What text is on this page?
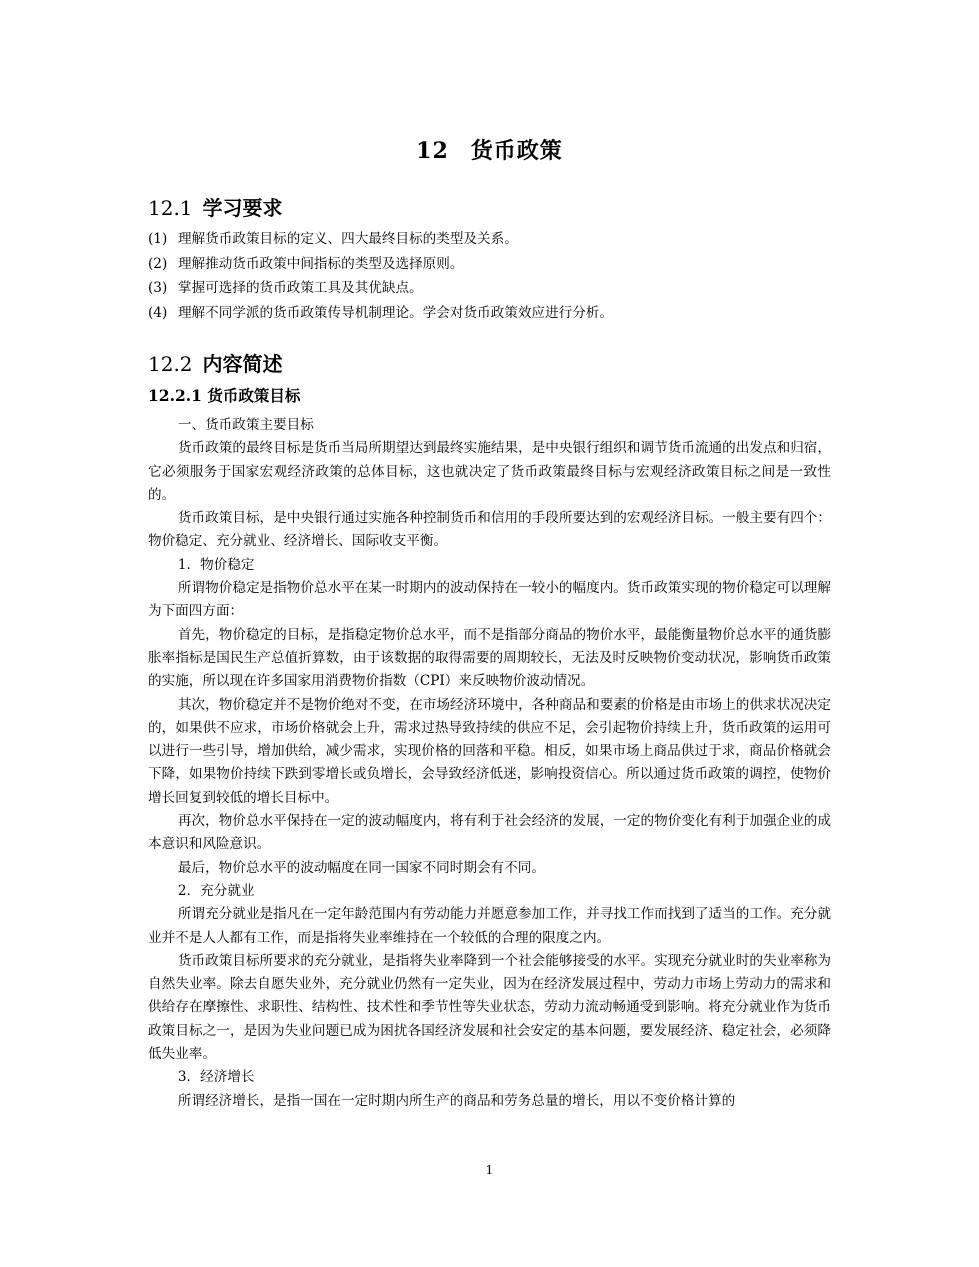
12 货币政策
12.1 学习要求
(1) 理解货币政策目标的定义、四大最终目标的类型及关系。
(2) 理解推动货币政策中间指标的类型及选择原则。
(3) 掌握可选择的货币政策工具及其优缺点。
(4) 理解不同学派的货币政策传导机制理论。学会对货币政策效应进行分析。
12.2 内容简述
12.2.1 货币政策目标

一、货币政策主要目标

货币政策的最终目标是货币当局所期望达到最终实施结果，是中央银行组织和调节货币流通的出发点和归宿，它必须服务于国家宏观经济政策的总体目标，这也就决定了货币政策最终目标与宏观经济政策目标之间是一致性的。

货币政策目标，是中央银行通过实施各种控制货币和信用的手段所要达到的宏观经济目标。一般主要有四个：物价稳定、充分就业、经济增长、国际收支平衡。

1．物价稳定

所谓物价稳定是指物价总水平在某一时期内的波动保持在一较小的幅度内。货币政策实现的物价稳定可以理解为下面四方面：

首先，物价稳定的目标，是指稳定物价总水平，而不是指部分商品的物价水平，最能衡量物价总水平的通货膨胀率指标是国民生产总值折算数，由于该数据的取得需要的周期较长，无法及时反映物价变动状况，影响货币政策的实施，所以现在许多国家用消费物价指数（CPI）来反映物价波动情况。

其次，物价稳定并不是物价绝对不变，在市场经济环境中，各种商品和要素的价格是由市场上的供求状况决定的，如果供不应求，市场价格就会上升，需求过热导致持续的供应不足，会引起物价持续上升，货币政策的运用可以进行一些引导，增加供给，减少需求，实现价格的回落和平稳。相反，如果市场上商品供过于求，商品价格就会下降，如果物价持续下跌到零增长或负增长，会导致经济低迷，影响投资信心。所以通过货币政策的调控，使物价增长回复到较低的增长目标中。

再次，物价总水平保持在一定的波动幅度内，将有利于社会经济的发展，一定的物价变化有利于加强企业的成本意识和风险意识。

最后，物价总水平的波动幅度在同一国家不同时期会有不同。

2．充分就业

所谓充分就业是指凡在一定年龄范围内有劳动能力并愿意参加工作，并寻找工作而找到了适当的工作。充分就业并不是人人都有工作，而是指将失业率维持在一个较低的合理的限度之内。

货币政策目标所要求的充分就业，是指将失业率降到一个社会能够接受的水平。实现充分就业时的失业率称为自然失业率。除去自愿失业外，充分就业仍然有一定失业，因为在经济发展过程中，劳动力市场上劳动力的需求和供给存在摩擦性、求职性、结构性、技术性和季节性等失业状态，劳动力流动畅通受到影响。将充分就业作为货币政策目标之一，是因为失业问题已成为困扰各国经济发展和社会安定的基本问题，要发展经济、稳定社会，必须降低失业率。

3．经济增长

所谓经济增长，是指一国在一定时期内所生产的商品和劳务总量的增长，用以不变价格计算的

1
